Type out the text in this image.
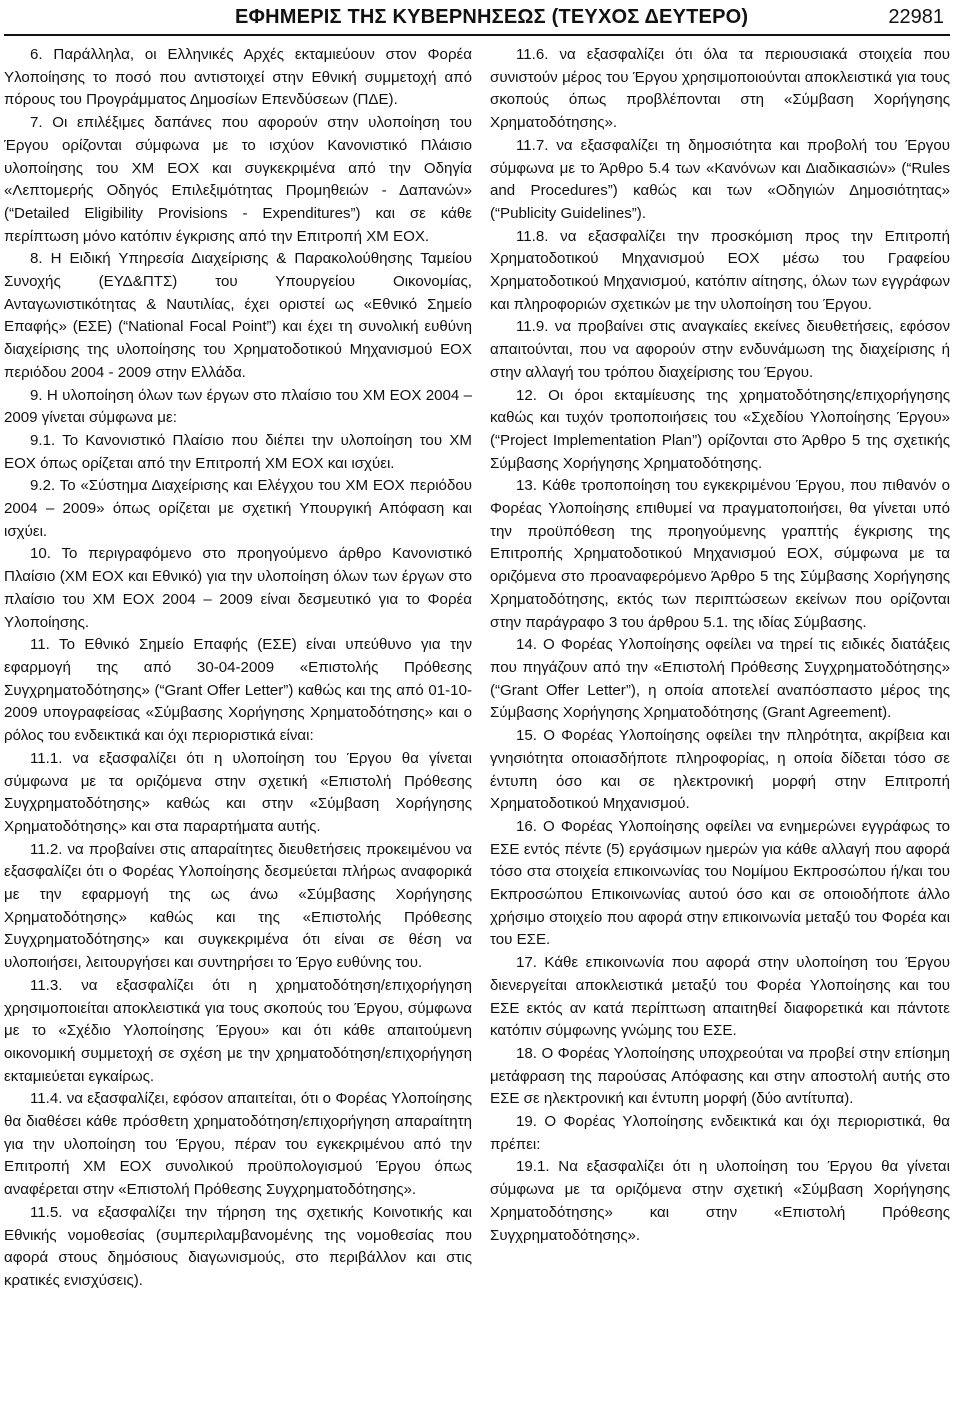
ΕΦΗΜΕΡΙΣ ΤΗΣ ΚΥΒΕΡΝΗΣΕΩΣ (ΤΕΥΧΟΣ ΔΕΥΤΕΡΟ)	22981

6. Παράλληλα, οι Ελληνικές Αρχές εκταμιεύουν στον Φορέα Υλοποίησης το ποσό που αντιστοιχεί στην Εθνική συμμετοχή από πόρους του Προγράμματος Δημοσίων Επενδύσεων (ΠΔΕ).

7. Οι επιλέξιμες δαπάνες που αφορούν στην υλοποίηση του Έργου ορίζονται σύμφωνα με το ισχύον Κανονιστικό Πλάισιο υλοποίησης του ΧΜ ΕΟΧ και συγκεκριμένα από την Οδηγία «Λεπτομερής Οδηγός Επιλεξιμότητας Προμηθειών - Δαπανών» (“Detailed Eligibility Provisions - Expenditures”) και σε κάθε περίπτωση μόνο κατόπιν έγκρισης από την Επιτροπή ΧΜ ΕΟΧ.

8. Η Ειδική Υπηρεσία Διαχείρισης & Παρακολούθησης Ταμείου Συνοχής (ΕΥΔ&ΠΤΣ) του Υπουργείου Οικονομίας, Ανταγωνιστικότητας & Ναυτιλίας, έχει οριστεί ως «Εθνικό Σημείο Επαφής» (ΕΣΕ) (“National Focal Point”) και έχει τη συνολική ευθύνη διαχείρισης της υλοποίησης του Χρηματοδοτικού Μηχανισμού ΕΟΧ περιόδου 2004 - 2009 στην Ελλάδα.

9. Η υλοποίηση όλων των έργων στο πλαίσιο του ΧΜ ΕΟΧ 2004 – 2009 γίνεται σύμφωνα με:

9.1. Το Κανονιστικό Πλαίσιο που διέπει την υλοποίηση του ΧΜ ΕΟΧ όπως ορίζεται από την Επιτροπή ΧΜ ΕΟΧ και ισχύει.

9.2. Το «Σύστημα Διαχείρισης και Ελέγχου του ΧΜ ΕΟΧ περιόδου 2004 – 2009» όπως ορίζεται με σχετική Υπουργική Απόφαση και ισχύει.

10. Το περιγραφόμενο στο προηγούμενο άρθρο Κανονιστικό Πλαίσιο (ΧΜ ΕΟΧ και Εθνικό) για την υλοποίηση όλων των έργων στο πλαίσιο του ΧΜ ΕΟΧ 2004 – 2009 είναι δεσμευτικό για το Φορέα Υλοποίησης.

11. Το Εθνικό Σημείο Επαφής (ΕΣΕ) είναι υπεύθυνο για την εφαρμογή της από 30-04-2009 «Επιστολής Πρόθεσης Συγχρηματοδότησης» (“Grant Offer Letter”) καθώς και της από 01-10-2009 υπογραφείσας «Σύμβασης Χορήγησης Χρηματοδότησης» και ο ρόλος του ενδεικτικά και όχι περιοριστικά είναι:

11.1. να εξασφαλίζει ότι η υλοποίηση του Έργου θα γίνεται σύμφωνα με τα οριζόμενα στην σχετική «Επιστολή Πρόθεσης Συγχρηματοδότησης» καθώς και στην «Σύμβαση Χορήγησης Χρηματοδότησης» και στα παραρτήματα αυτής.

11.2. να προβαίνει στις απαραίτητες διευθετήσεις προκειμένου να εξασφαλίζει ότι ο Φορέας Υλοποίησης δεσμεύεται πλήρως αναφορικά με την εφαρμογή της ως άνω «Σύμβασης Χορήγησης Χρηματοδότησης» καθώς και της «Επιστολής Πρόθεσης Συγχρηματοδότησης» και συγκεκριμένα ότι είναι σε θέση να υλοποιήσει, λειτουργήσει και συντηρήσει το Έργο ευθύνης του.

11.3. να εξασφαλίζει ότι η χρηματοδότηση/επιχορήγηση χρησιμοποιείται αποκλειστικά για τους σκοπούς του Έργου, σύμφωνα με το «Σχέδιο Υλοποίησης Έργου» και ότι κάθε απαιτούμενη οικονομική συμμετοχή σε σχέση με την χρηματοδότηση/επιχορήγηση εκταμιεύεται εγκαίρως.

11.4. να εξασφαλίζει, εφόσον απαιτείται, ότι ο Φορέας Υλοποίησης θα διαθέσει κάθε πρόσθετη χρηματοδότηση/επιχορήγηση απαραίτητη για την υλοποίηση του Έργου, πέραν του εγκεκριμένου από την Επιτροπή ΧΜ ΕΟΧ συνολικού προϋπολογισμού Έργου όπως αναφέρεται στην «Επιστολή Πρόθεσης Συγχρηματοδότησης».

11.5. να εξασφαλίζει την τήρηση της σχετικής Κοινοτικής και Εθνικής νομοθεσίας (συμπεριλαμβανομένης της νομοθεσίας που αφορά στους δημόσιους διαγωνισμούς, στο περιβάλλον και στις κρατικές ενισχύσεις).

11.6. να εξασφαλίζει ότι όλα τα περιουσιακά στοιχεία που συνιστούν μέρος του Έργου χρησιμοποιούνται αποκλειστικά για τους σκοπούς όπως προβλέπονται στη «Σύμβαση Χορήγησης Χρηματοδότησης».

11.7. να εξασφαλίζει τη δημοσιότητα και προβολή του Έργου σύμφωνα με το Άρθρο 5.4 των «Κανόνων και Διαδικασιών» (“Rules and Procedures”) καθώς και των «Οδηγιών Δημοσιότητας» (“Publicity Guidelines”).

11.8. να εξασφαλίζει την προσκόμιση προς την Επιτροπή Χρηματοδοτικού Μηχανισμού ΕΟΧ μέσω του Γραφείου Χρηματοδοτικού Μηχανισμού, κατόπιν αίτησης, όλων των εγγράφων και πληροφοριών σχετικών με την υλοποίηση του Έργου.

11.9. να προβαίνει στις αναγκαίες εκείνες διευθετήσεις, εφόσον απαιτούνται, που να αφορούν στην ενδυνάμωση της διαχείρισης ή στην αλλαγή του τρόπου διαχείρισης του Έργου.

12. Οι όροι εκταμίευσης της χρηματοδότησης/επιχορήγησης καθώς και τυχόν τροποποιήσεις του «Σχεδίου Υλοποίησης Έργου» (“Project Implementation Plan”) ορίζονται στο Άρθρο 5 της σχετικής Σύμβασης Χορήγησης Χρηματοδότησης.

13. Κάθε τροποποίηση του εγκεκριμένου Έργου, που πιθανόν ο Φορέας Υλοποίησης επιθυμεί να πραγματοποιήσει, θα γίνεται υπό την προϋπόθεση της προηγούμενης γραπτής έγκρισης της Επιτροπής Χρηματοδοτικού Μηχανισμού ΕΟΧ, σύμφωνα με τα οριζόμενα στο προαναφερόμενο Άρθρο 5 της Σύμβασης Χορήγησης Χρηματοδότησης, εκτός των περιπτώσεων εκείνων που ορίζονται στην παράγραφο 3 του άρθρου 5.1. της ιδίας Σύμβασης.

14. Ο Φορέας Υλοποίησης οφείλει να τηρεί τις ειδικές διατάξεις που πηγάζουν από την «Επιστολή Πρόθεσης Συγχρηματοδότησης» (“Grant Offer Letter”), η οποία αποτελεί αναπόσπαστο μέρος της Σύμβασης Χορήγησης Χρηματοδότησης (Grant Agreement).

15. Ο Φορέας Υλοποίησης οφείλει την πληρότητα, ακρίβεια και γνησιότητα οποιασδήποτε πληροφορίας, η οποία δίδεται τόσο σε έντυπη όσο και σε ηλεκτρονική μορφή στην Επιτροπή Χρηματοδοτικού Μηχανισμού.

16. Ο Φορέας Υλοποίησης οφείλει να ενημερώνει εγγράφως το ΕΣΕ εντός πέντε (5) εργάσιμων ημερών για κάθε αλλαγή που αφορά τόσο στα στοιχεία επικοινωνίας του Νομίμου Εκπροσώπου ή/και του Εκπροσώπου Επικοινωνίας αυτού όσο και σε οποιοδήποτε άλλο χρήσιμο στοιχείο που αφορά στην επικοινωνία μεταξύ του Φορέα και του ΕΣΕ.

17. Κάθε επικοινωνία που αφορά στην υλοποίηση του Έργου διενεργείται αποκλειστικά μεταξύ του Φορέα Υλοποίησης και του ΕΣΕ εκτός αν κατά περίπτωση απαιτηθεί διαφορετικά και πάντοτε κατόπιν σύμφωνης γνώμης του ΕΣΕ.

18. Ο Φορέας Υλοποίησης υποχρεούται να προβεί στην επίσημη μετάφραση της παρούσας Απόφασης και στην αποστολή αυτής στο ΕΣΕ σε ηλεκτρονική και έντυπη μορφή (δύο αντίτυπα).

19. Ο Φορέας Υλοποίησης ενδεικτικά και όχι περιοριστικά, θα πρέπει:

19.1. Να εξασφαλίζει ότι η υλοποίηση του Έργου θα γίνεται σύμφωνα με τα οριζόμενα στην σχετική «Σύμβαση Χορήγησης Χρηματοδότησης» και στην «Επιστολή Πρόθεσης Συγχρηματοδότησης».
